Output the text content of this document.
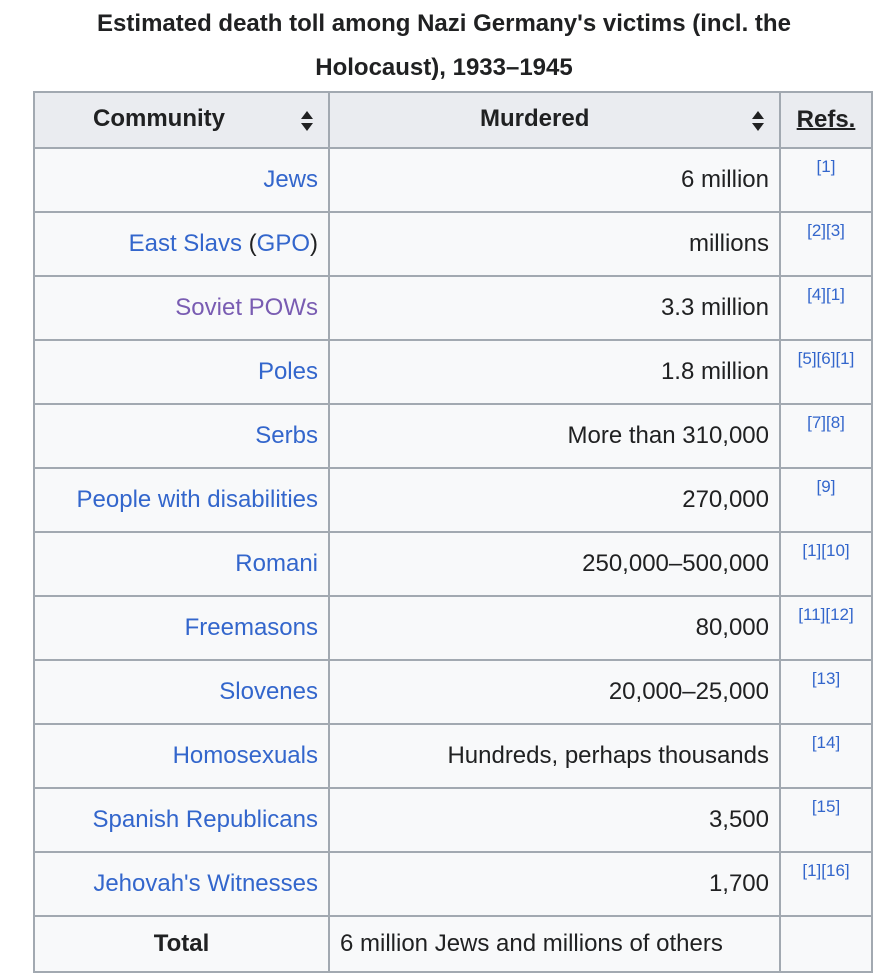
Estimated death toll among Nazi Germany's victims (incl. the
Holocaust), 1933–1945
Community	Murdered	Refs.
Jews	6 million	[1]
East Slavs (GPO)	millions	[2][3]
Soviet POWs	3.3 million	[4][1]
Poles	1.8 million	[5][6][1]
Serbs	More than 310,000	[7][8]
People with disabilities	270,000	[9]
Romani	250,000–500,000	[1][10]
Freemasons	80,000	[11][12]
Slovenes	20,000–25,000	[13]
Homosexuals	Hundreds, perhaps thousands	[14]
Spanish Republicans	3,500	[15]
Jehovah's Witnesses	1,700	[1][16]
Total	6 million Jews and millions of others	
